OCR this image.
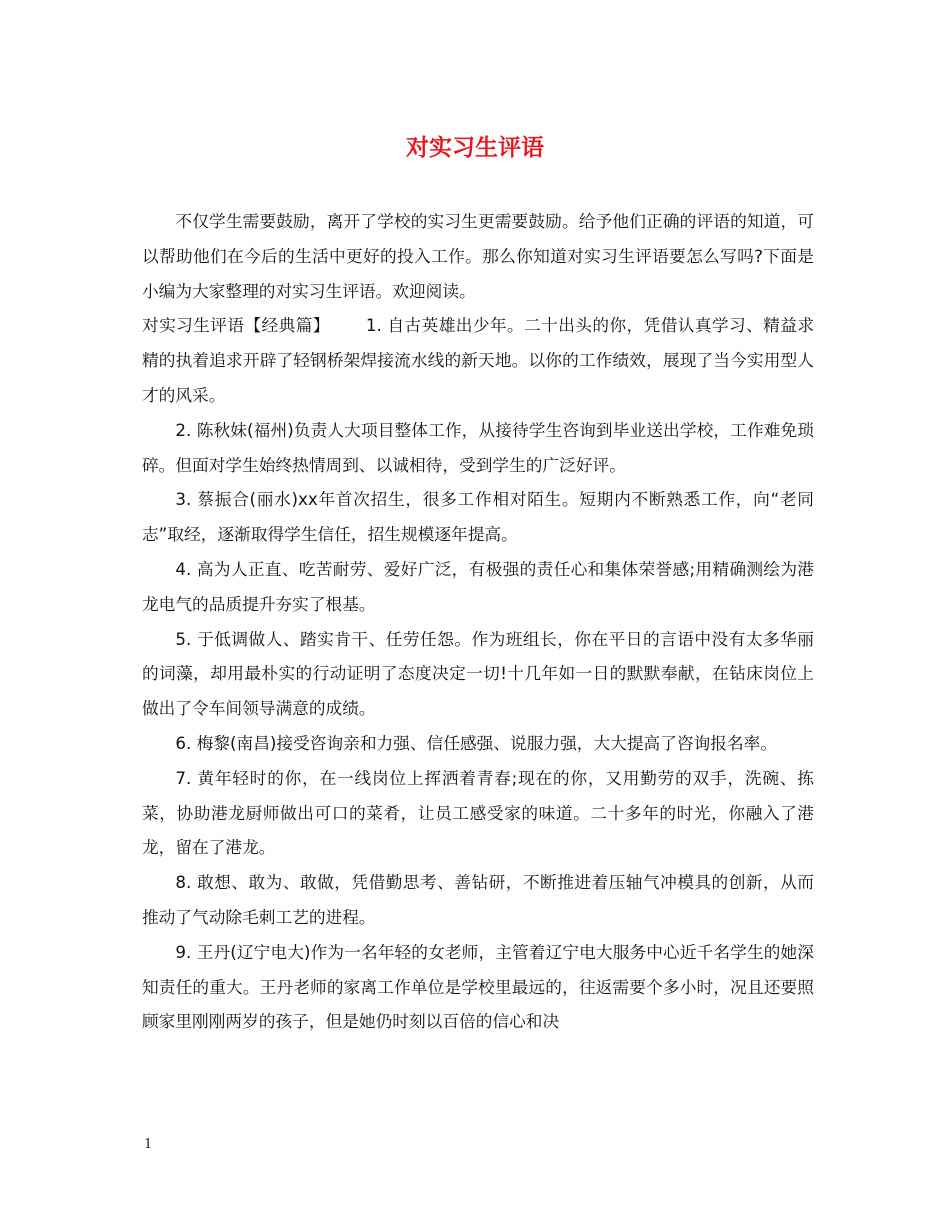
对实习生评语

不仅学生需要鼓励，离开了学校的实习生更需要鼓励。给予他们正确的评语的知道，可以帮助他们在今后的生活中更好的投入工作。那么你知道对实习生评语要怎么写吗?下面是小编为大家整理的对实习生评语。欢迎阅读。

对实习生评语【经典篇】 1. 自古英雄出少年。二十出头的你，凭借认真学习、精益求精的执着追求开辟了轻钢桥架焊接流水线的新天地。以你的工作绩效，展现了当今实用型人才的风采。

2. 陈秋妹(福州)负责人大项目整体工作，从接待学生咨询到毕业送出学校，工作难免琐碎。但面对学生始终热情周到、以诚相待，受到学生的广泛好评。

3. 蔡振合(丽水)xx年首次招生，很多工作相对陌生。短期内不断熟悉工作，向“老同志”取经，逐渐取得学生信任，招生规模逐年提高。

4. 高为人正直、吃苦耐劳、爱好广泛，有极强的责任心和集体荣誉感;用精确测绘为港龙电气的品质提升夯实了根基。

5. 于低调做人、踏实肯干、任劳任怨。作为班组长，你在平日的言语中没有太多华丽的词藻，却用最朴实的行动证明了态度决定一切!十几年如一日的默默奉献，在钻床岗位上做出了令车间领导满意的成绩。

6. 梅黎(南昌)接受咨询亲和力强、信任感强、说服力强，大大提高了咨询报名率。

7. 黄年轻时的你，在一线岗位上挥洒着青春;现在的你，又用勤劳的双手，洗碗、拣菜，协助港龙厨师做出可口的菜肴，让员工感受家的味道。二十多年的时光，你融入了港龙，留在了港龙。

8. 敢想、敢为、敢做，凭借勤思考、善钻研，不断推进着压轴气冲模具的创新，从而推动了气动除毛刺工艺的进程。

9. 王丹(辽宁电大)作为一名年轻的女老师，主管着辽宁电大服务中心近千名学生的她深知责任的重大。王丹老师的家离工作单位是学校里最远的，往返需要个多小时，况且还要照顾家里刚刚两岁的孩子，但是她仍时刻以百倍的信心和决

1
